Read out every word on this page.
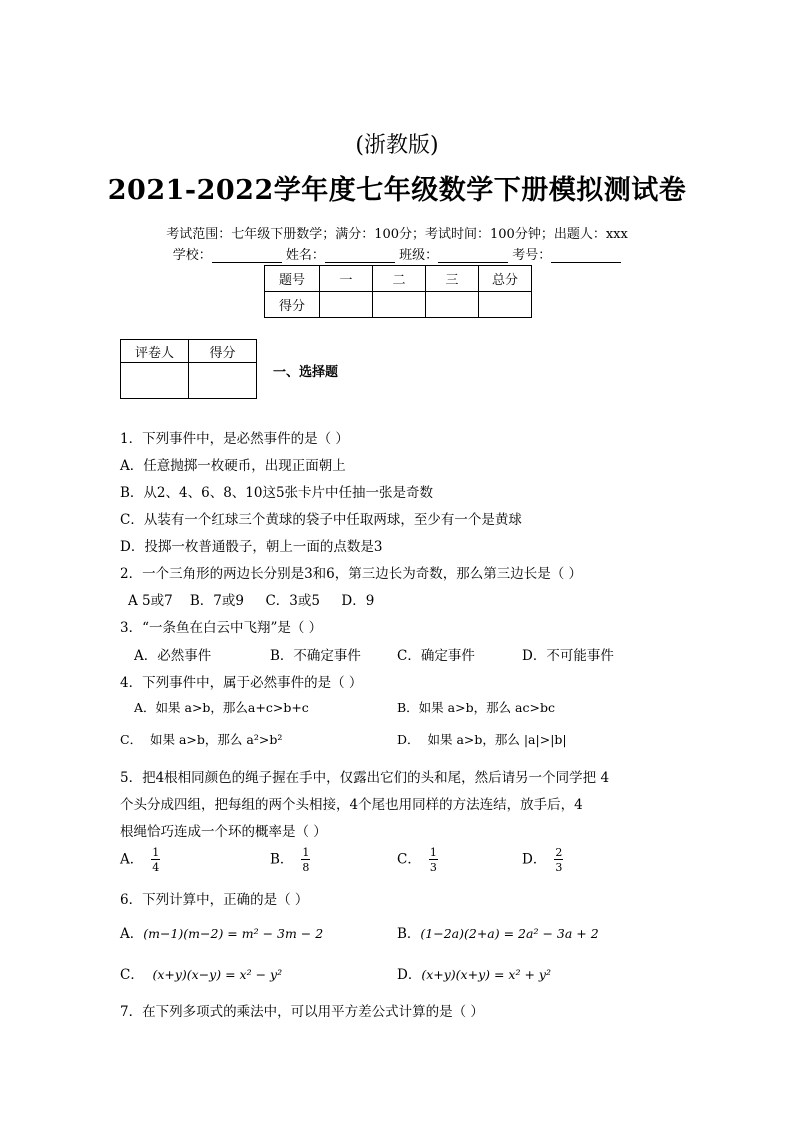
(浙教版)
2021-2022学年度七年级数学下册模拟测试卷
考试范围：七年级下册数学；满分：100分；考试时间：100分钟；出题人：xxx
学校：	姓名：	班级：	考号：
题号	一	二	三	总分
得分				
评卷人	得分

一、选择题
1．下列事件中，是必然事件的是（ ）
A．任意抛掷一枚硬币，出现正面朝上
B．从2、4、6、8、10这5张卡片中任抽一张是奇数
C．从装有一个红球三个黄球的袋子中任取两球，至少有一个是黄球
D．投掷一枚普通骰子，朝上一面的点数是3
2．一个三角形的两边长分别是3和6，第三边长为奇数，那么第三边长是（ ）
A 5或7    B．7或9     C．3或5     D．9
3．“一条鱼在白云中飞翔”是（ ）
A．必然事件	B．不确定事件	C．确定事件	D．不可能事件
4．下列事件中，属于必然事件的是（ ）
A．如果 a>b，那么a+c>b+c	B．如果 a>b，那么 ac>bc
C．  如果 a>b，那么 a²>b²	D．  如果 a>b，那么 |a|>|b|
5．把4根相同颜色的绳子握在手中，仅露出它们的头和尾，然后请另一个同学把 4
个头分成四组，把每组的两个头相接，4个尾也用同样的方法连结，放手后，4
根绳恰巧连成一个环的概率是（ ）
A． $\frac{1}{4}$	B． $\frac{1}{8}$	C． $\frac{1}{3}$	D． $\frac{2}{3}$
6．下列计算中，正确的是（ ）
A．(m−1)(m−2) = m² − 3m − 2	B．(1−2a)(2+a) = 2a² − 3a + 2
C． (x+y)(x−y) = x² − y²	D．(x+y)(x+y) = x² + y²
7．在下列多项式的乘法中，可以用平方差公式计算的是（ ）
